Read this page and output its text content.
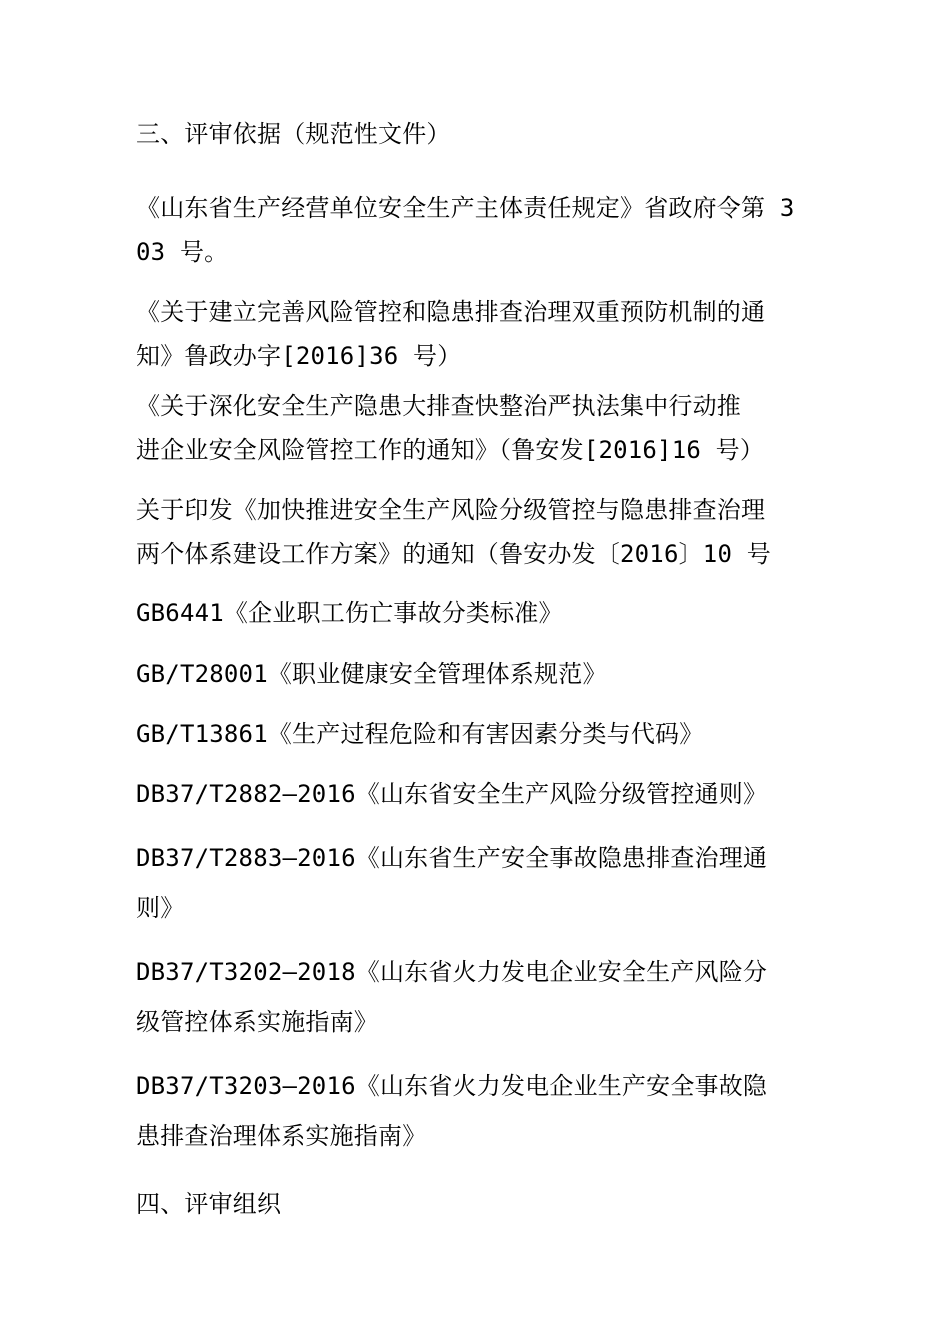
三、评审依据（规范性文件）
《山东省生产经营单位安全生产主体责任规定》省政府令第 3
03 号。
《关于建立完善风险管控和隐患排查治理双重预防机制的通
知》鲁政办字[2016]36 号）
《关于深化安全生产隐患大排查快整治严执法集中行动推
进企业安全风险管控工作的通知》（鲁安发[2016]16 号）
关于印发《加快推进安全生产风险分级管控与隐患排查治理
两个体系建设工作方案》的通知（鲁安办发〔2016〕10 号
GB6441《企业职工伤亡事故分类标准》
GB/T28001《职业健康安全管理体系规范》
GB/T13861《生产过程危险和有害因素分类与代码》
DB37/T2882—2016《山东省安全生产风险分级管控通则》
DB37/T2883—2016《山东省生产安全事故隐患排查治理通
则》
DB37/T3202—2018《山东省火力发电企业安全生产风险分
级管控体系实施指南》
DB37/T3203—2016《山东省火力发电企业生产安全事故隐
患排查治理体系实施指南》
四、评审组织
